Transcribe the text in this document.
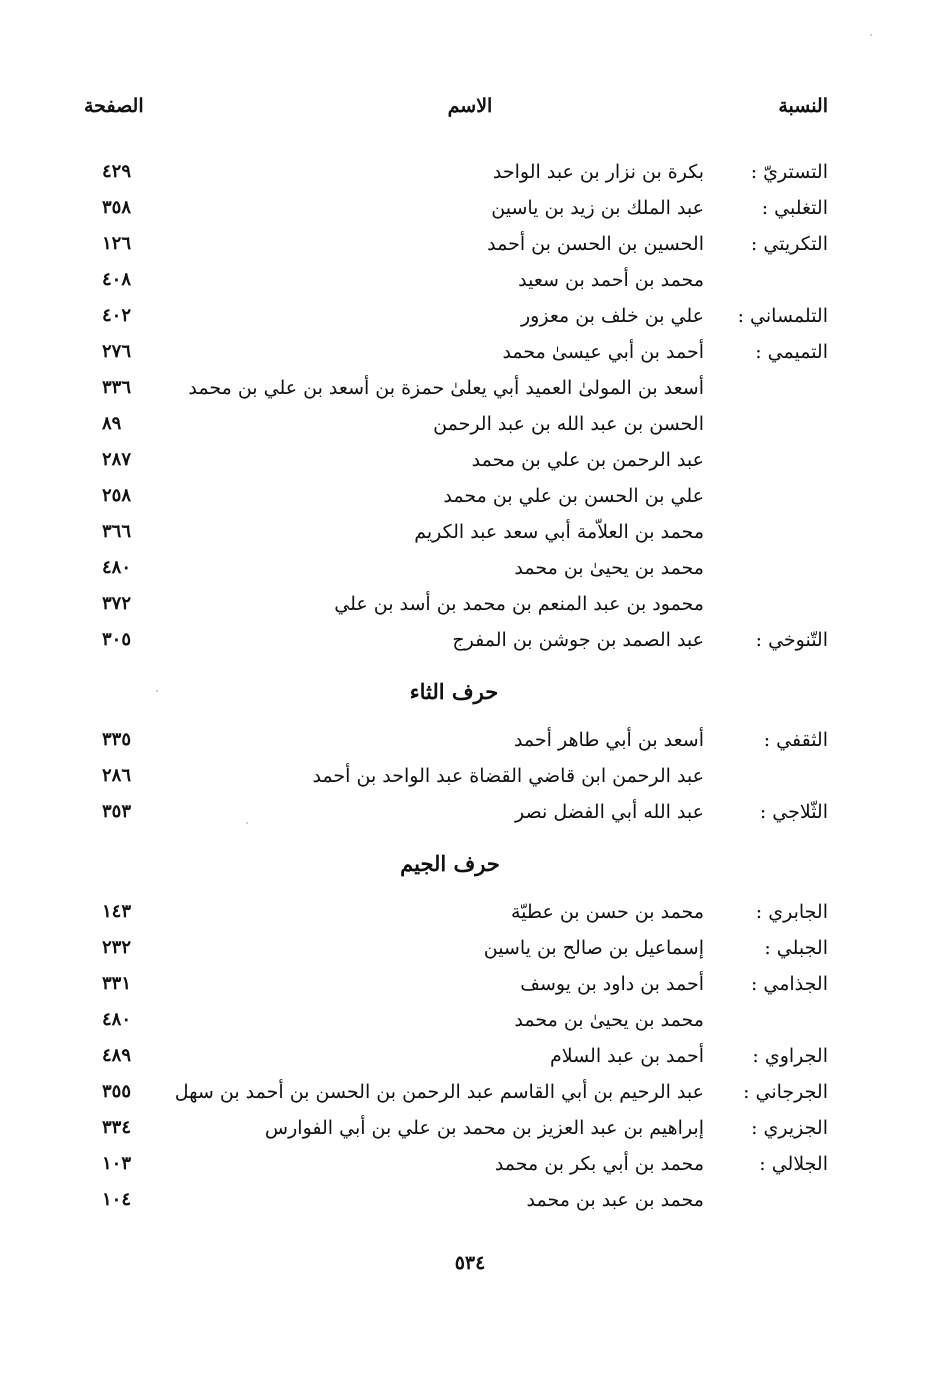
النسبة
الاسم
الصفحة
التستريّ :
بكرة بن نزار بن عبد الواحد
٤٢٩
التغلبي :
عبد الملك بن زيد بن ياسين
٣٥٨
التكريتي :
الحسين بن الحسن بن أحمد
١٢٦
محمد بن أحمد بن سعيد
٤٠٨
التلمساني :
علي بن خلف بن معزور
٤٠٢
التميمي :
أحمد بن أبي عيسىٰ محمد
٢٧٦
أسعد بن المولىٰ العميد أبي يعلىٰ حمزة بن أسعد بن علي بن محمد
٣٣٦
الحسن بن عبد الله بن عبد الرحمن
٨٩
عبد الرحمن بن علي بن محمد
٢٨٧
علي بن الحسن بن علي بن محمد
٢٥٨
محمد بن العلاّمة أبي سعد عبد الكريم
٣٦٦
محمد بن يحيىٰ بن محمد
٤٨٠
محمود بن عبد المنعم بن محمد بن أسد بن علي
٣٧٢
التّنوخي :
عبد الصمد بن جوشن بن المفرج
٣٠٥
حرف الثاء
الثقفي :
أسعد بن أبي طاهر أحمد
٣٣٥
عبد الرحمن ابن قاضي القضاة عبد الواحد بن أحمد
٢٨٦
الثّلاجي :
عبد الله أبي الفضل نصر
٣٥٣
حرف الجيم
الجابري :
محمد بن حسن بن عطيّة
١٤٣
الجبلي :
إسماعيل بن صالح بن ياسين
٢٣٢
الجذامي :
أحمد بن داود بن يوسف
٣٣١
محمد بن يحيىٰ بن محمد
٤٨٠
الجراوي :
أحمد بن عبد السلام
٤٨٩
الجرجاني :
عبد الرحيم بن أبي القاسم عبد الرحمن بن الحسن بن أحمد بن سهل
٣٥٥
الجزيري :
إبراهيم بن عبد العزيز بن محمد بن علي بن أبي الفوارس
٣٣٤
الجلالي :
محمد بن أبي بكر بن محمد
١٠٣
محمد بن عبد بن محمد
١٠٤
٥٣٤
